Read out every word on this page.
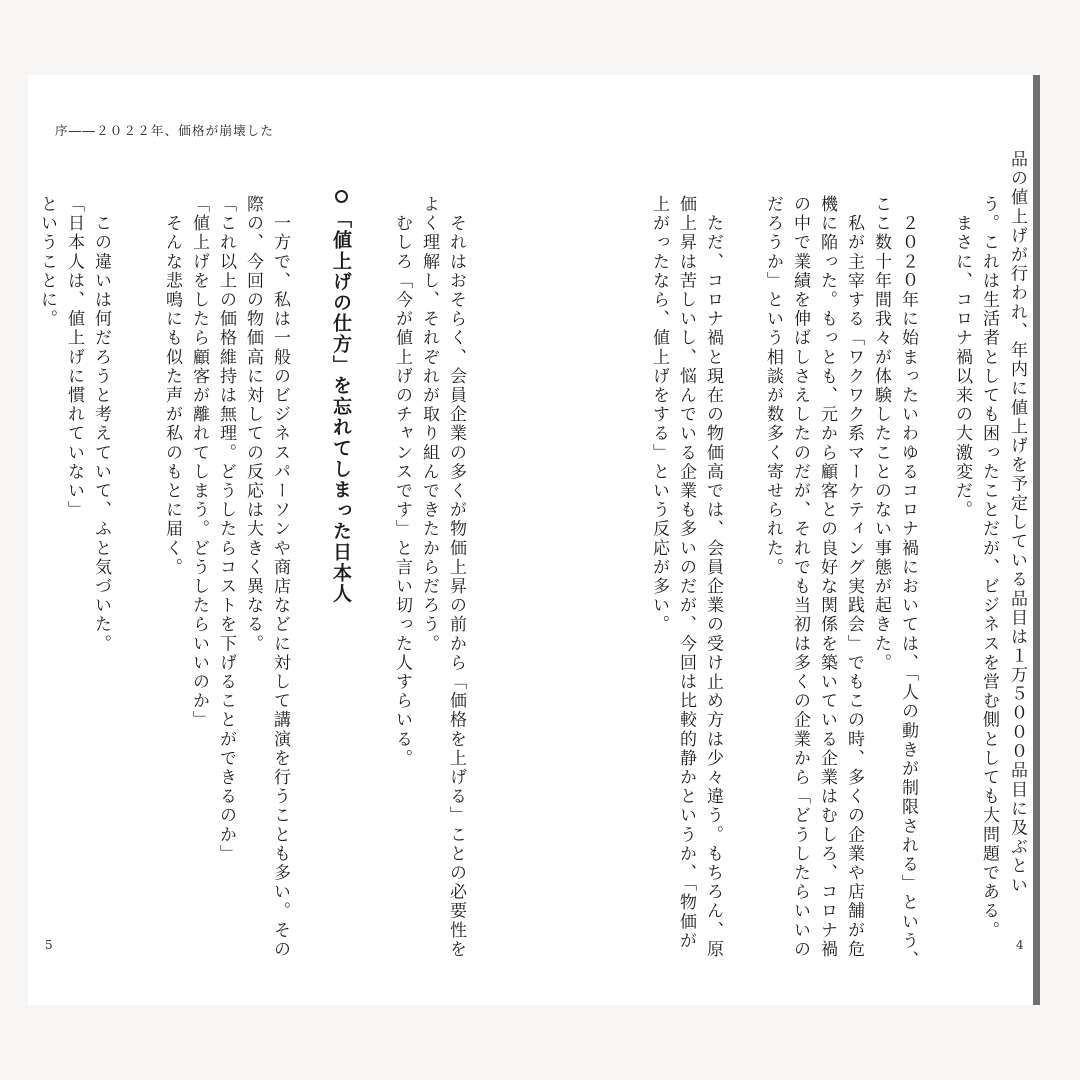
序――２０２２年、価格が崩壊した
5	4
「値上げの仕方」を忘れてしまった日本人	品の値上げが行われ、年内に値上げを予定している品目は１万５０００品目に及ぶとい
う。これは生活者としても困ったことだが、ビジネスを営む側としても大問題である。
　まさに、コロナ禍以来の大激変だ。
　２０２０年に始まったいわゆるコロナ禍においては、「人の動きが制限される」という、
ここ数十年間我々が体験したことのない事態が起きた。
　私が主宰する「ワクワク系マーケティング実践会」でもこの時、多くの企業や店舗が危
機に陥った。もっとも、元から顧客との良好な関係を築いている企業はむしろ、コロナ禍
の中で業績を伸ばしさえしたのだが、それでも当初は多くの企業から「どうしたらいいの
だろうか」という相談が数多く寄せられた。
　ただ、コロナ禍と現在の物価高では、会員企業の受け止め方は少々違う。もちろん、原
価上昇は苦しいし、悩んでいる企業も多いのだが、今回は比較的静かというか、「物価が
上がったなら、値上げをする」という反応が多い。
　それはおそらく、会員企業の多くが物価上昇の前から「価格を上げる」ことの必要性を
よく理解し、それぞれが取り組んできたからだろう。
　むしろ「今が値上げのチャンスです」と言い切った人すらいる。
　一方で、私は一般のビジネスパーソンや商店などに対して講演を行うことも多い。その
際の、今回の物価高に対しての反応は大きく異なる。
「これ以上の価格維持は無理。どうしたらコストを下げることができるのか」
「値上げをしたら顧客が離れてしまう。どうしたらいいのか」
　そんな悲鳴にも似た声が私のもとに届く。
　この違いは何だろうと考えていて、ふと気づいた。
「日本人は、値上げに慣れていない」
ということに。
